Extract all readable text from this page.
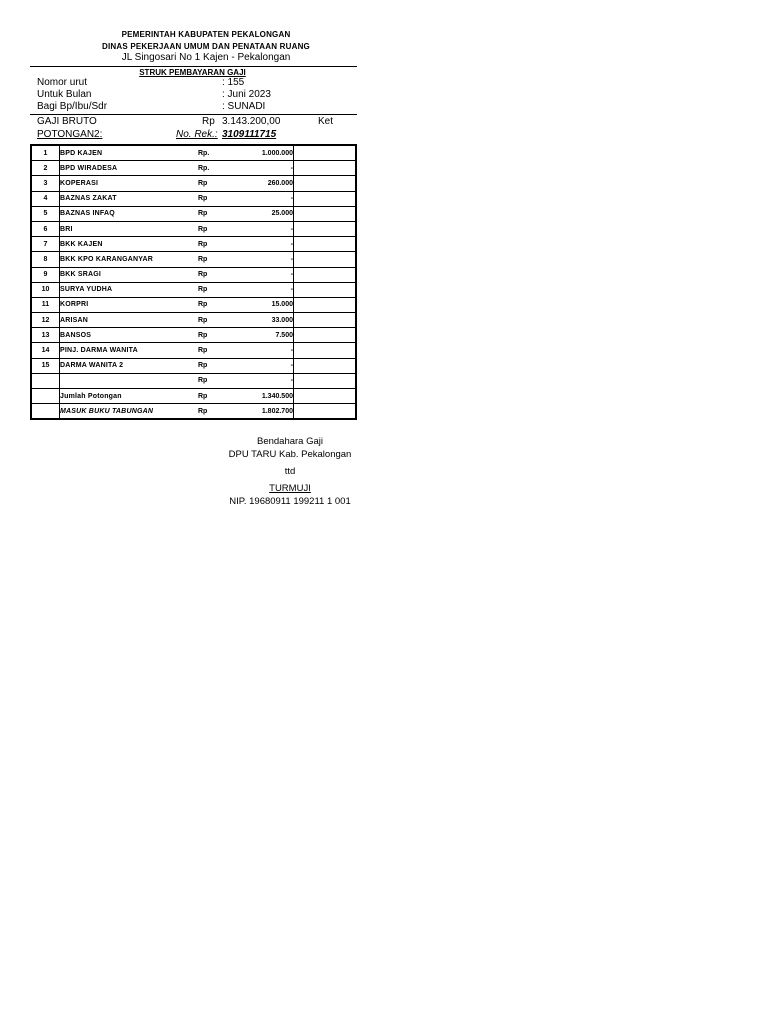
PEMERINTAH KABUPATEN PEKALONGAN
DINAS PEKERJAAN UMUM DAN PENATAAN RUANG
JL Singosari No 1 Kajen - Pekalongan
STRUK PEMBAYARAN GAJI
Nomor urut	: 155
Untuk Bulan	: Juni 2023
Bagi Bp/Ibu/Sdr	: SUNADI
GAJI BRUTO	Rp 3.143.200,00	Ket
POTONGAN2:	No. Rek.: 3109111715
1	BPD KAJEN	Rp.	1.000.000	
2	BPD WIRADESA	Rp.	-	
3	KOPERASI	Rp	260.000	
4	BAZNAS ZAKAT	Rp	-	
5	BAZNAS INFAQ	Rp	25.000	
6	BRI	Rp	-	
7	BKK KAJEN	Rp	-	
8	BKK KPO KARANGANYAR	Rp	-	
9	BKK SRAGI	Rp	-	
10	SURYA YUDHA	Rp	-	
11	KORPRI	Rp	15.000	
12	ARISAN	Rp	33.000	
13	BANSOS	Rp	7.500	
14	PINJ. DARMA WANITA	Rp	-	
15	DARMA WANITA 2	Rp	-	
		Rp	-	
	Jumlah Potongan	Rp	1.340.500	
	MASUK BUKU TABUNGAN	Rp	1.802.700	
Bendahara Gaji
DPU TARU Kab. Pekalongan
ttd
TURMUJI
NIP. 19680911 199211 1 001
